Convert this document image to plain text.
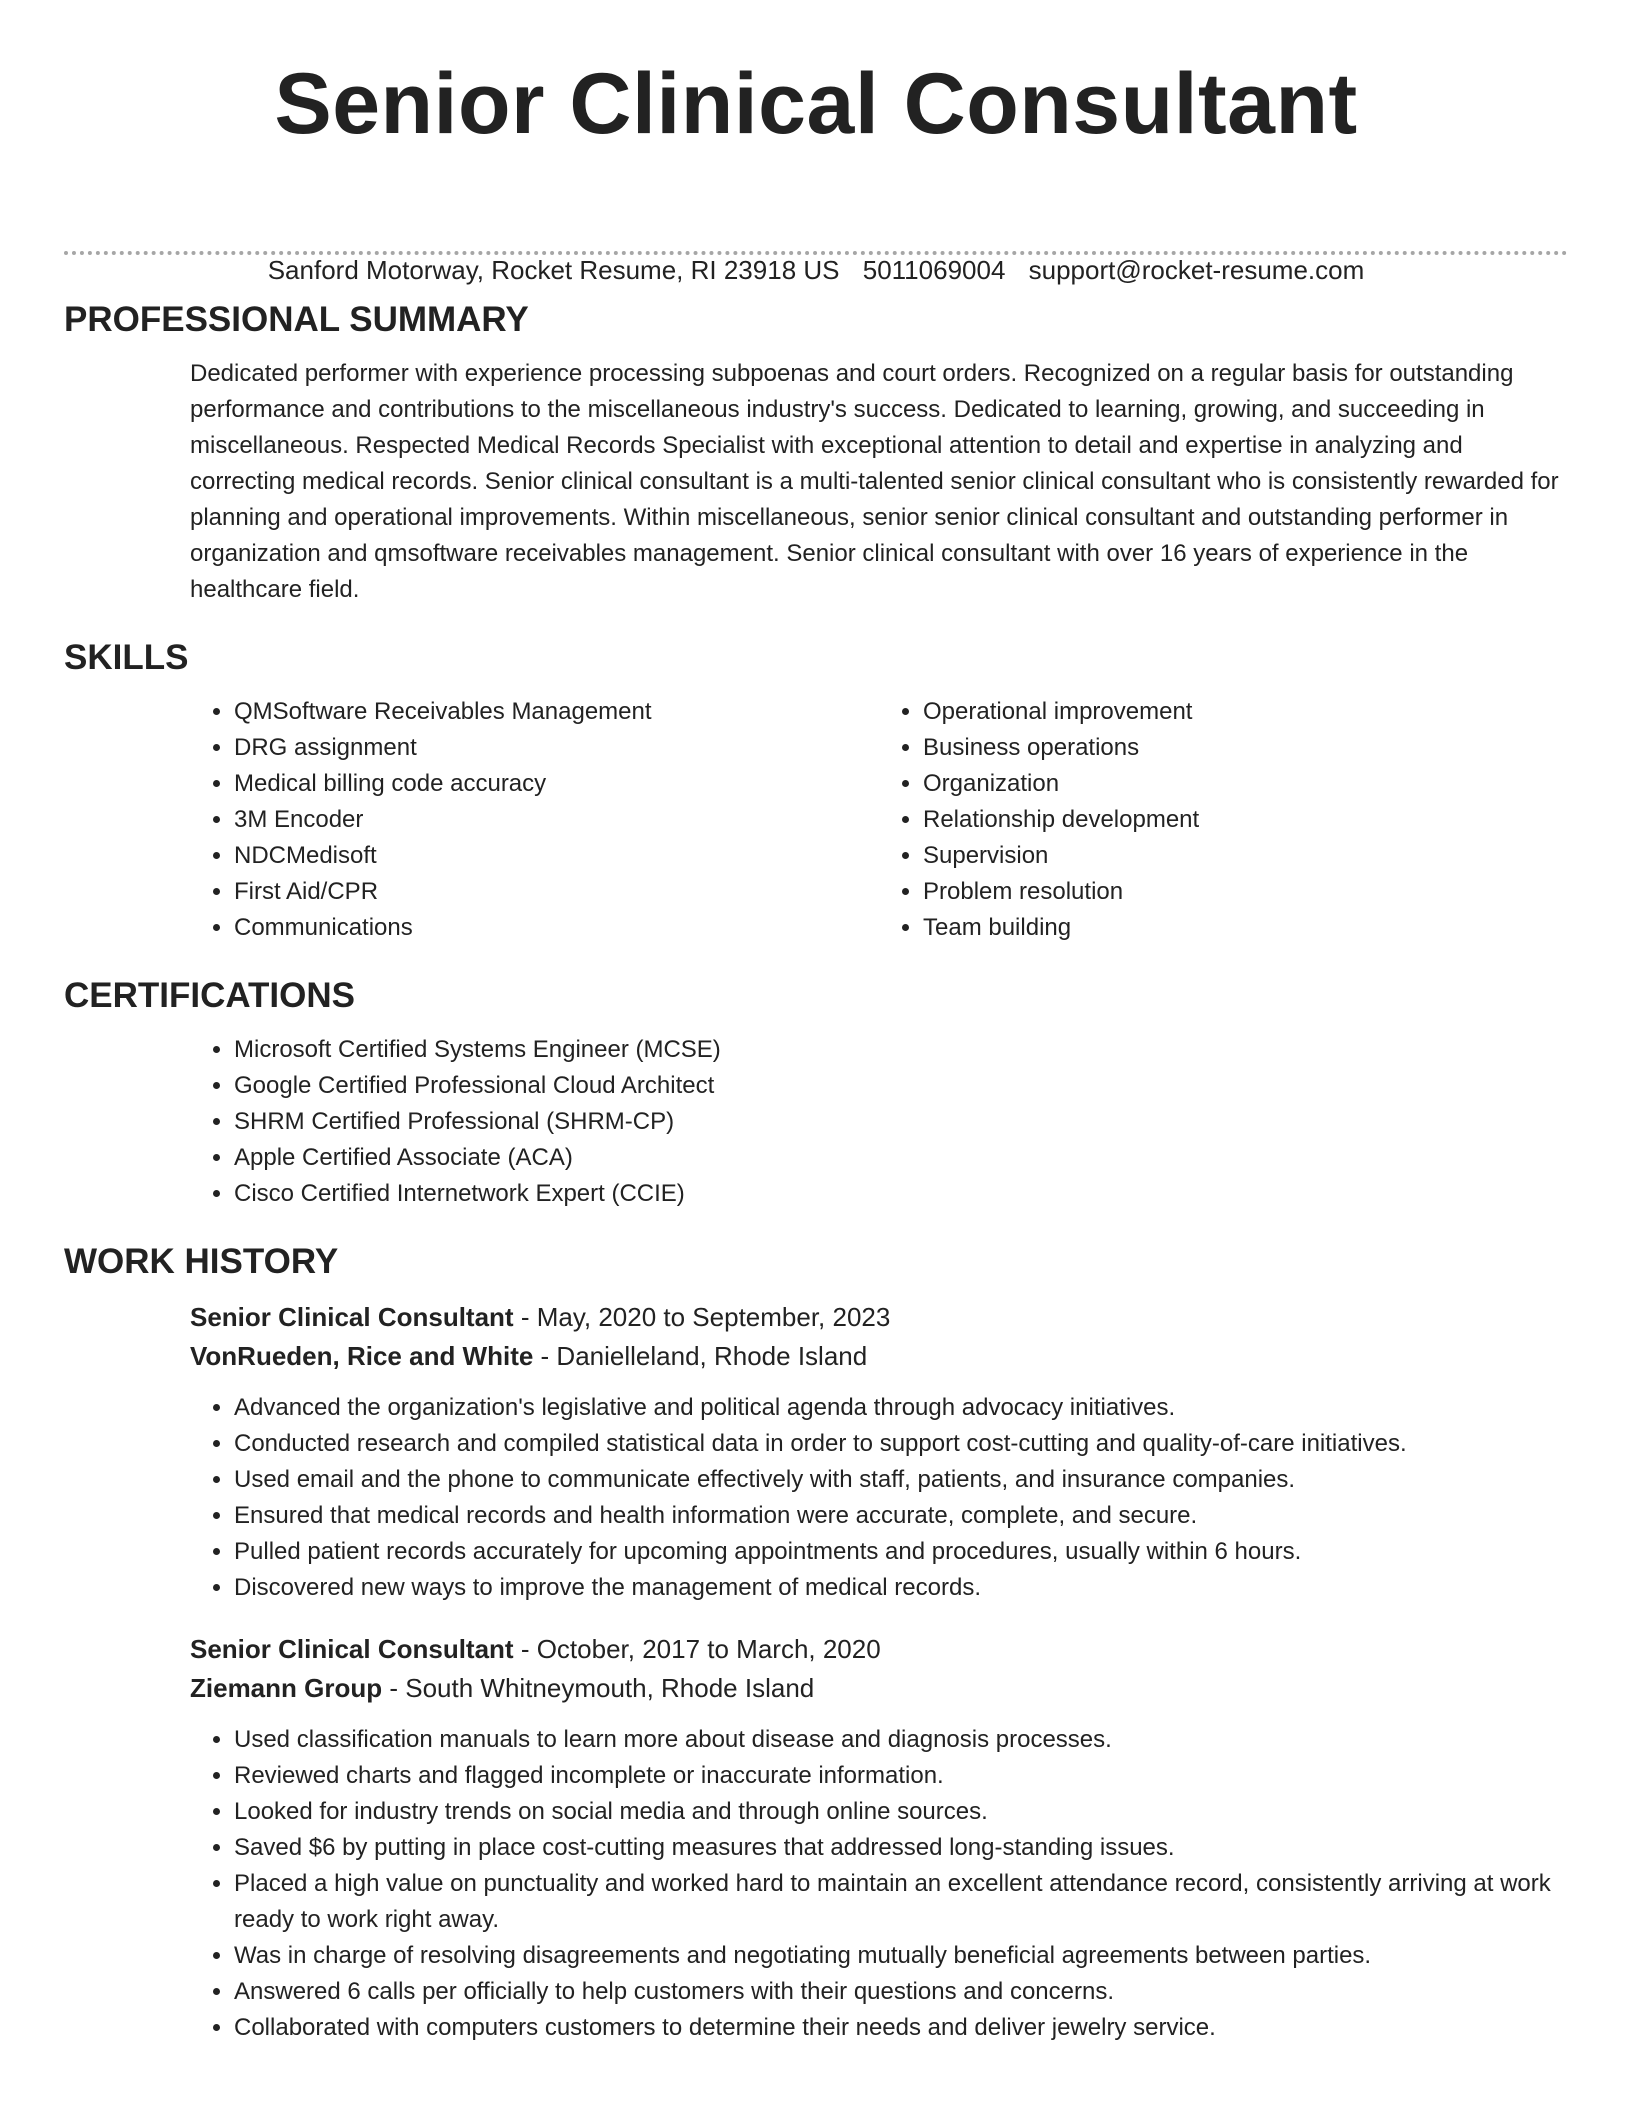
Senior Clinical Consultant
Sanford Motorway, Rocket Resume, RI 23918 US 5011069004 support@rocket-resume.com
PROFESSIONAL SUMMARY

Dedicated performer with experience processing subpoenas and court orders. Recognized on a regular basis for outstanding performance and contributions to the miscellaneous industry's success. Dedicated to learning, growing, and succeeding in miscellaneous. Respected Medical Records Specialist with exceptional attention to detail and expertise in analyzing and correcting medical records. Senior clinical consultant is a multi-talented senior clinical consultant who is consistently rewarded for planning and operational improvements. Within miscellaneous, senior senior clinical consultant and outstanding performer in organization and qmsoftware receivables management. Senior clinical consultant with over 16 years of experience in the healthcare field.

SKILLS
• QMSoftware Receivables Management
• DRG assignment
• Medical billing code accuracy
• 3M Encoder
• NDCMedisoft
• First Aid/CPR
• Communications
• Operational improvement
• Business operations
• Organization
• Relationship development
• Supervision
• Problem resolution
• Team building
CERTIFICATIONS
• Microsoft Certified Systems Engineer (MCSE)
• Google Certified Professional Cloud Architect
• SHRM Certified Professional (SHRM-CP)
• Apple Certified Associate (ACA)
• Cisco Certified Internetwork Expert (CCIE)
WORK HISTORY
Senior Clinical Consultant - May, 2020 to September, 2023
VonRueden, Rice and White - Danielleland, Rhode Island
• Advanced the organization's legislative and political agenda through advocacy initiatives.
• Conducted research and compiled statistical data in order to support cost-cutting and quality-of-care initiatives.
• Used email and the phone to communicate effectively with staff, patients, and insurance companies.
• Ensured that medical records and health information were accurate, complete, and secure.
• Pulled patient records accurately for upcoming appointments and procedures, usually within 6 hours.
• Discovered new ways to improve the management of medical records.
Senior Clinical Consultant - October, 2017 to March, 2020
Ziemann Group - South Whitneymouth, Rhode Island
• Used classification manuals to learn more about disease and diagnosis processes.
• Reviewed charts and flagged incomplete or inaccurate information.
• Looked for industry trends on social media and through online sources.
• Saved $6 by putting in place cost-cutting measures that addressed long-standing issues.
• Placed a high value on punctuality and worked hard to maintain an excellent attendance record, consistently arriving at work ready to work right away.
• Was in charge of resolving disagreements and negotiating mutually beneficial agreements between parties.
• Answered 6 calls per officially to help customers with their questions and concerns.
• Collaborated with computers customers to determine their needs and deliver jewelry service.
